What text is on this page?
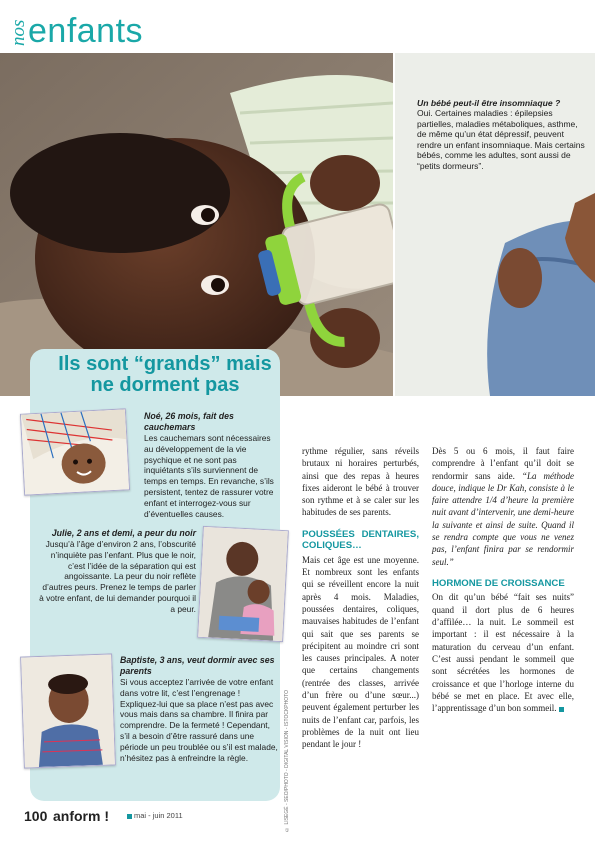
nos enfants
Un bébé peut-il être insomniaque ?
Oui. Certaines maladies : épilepsies partielles, maladies métaboliques, asthme, de même qu’un état dépressif, peuvent rendre un enfant insomniaque. Mais certains bébés, comme les adultes, sont aussi de “petits dormeurs”.
Ils sont “grands” mais ne dorment pas
Noé, 26 mois, fait des cauchemars
Les cauchemars sont nécessaires au développement de la vie psychique et ne sont pas inquiétants s’ils surviennent de temps en temps. En revanche, s’ils persistent, tentez de rassurer votre enfant et interrogez-vous sur d’éventuelles causes.
Julie, 2 ans et demi, a peur du noir
Jusqu’à l’âge d’environ 2 ans, l’obscurité n’inquiète pas l’enfant. Plus que le noir, c’est l’idée de la séparation qui est angoissante. La peur du noir reflète d’autres peurs. Prenez le temps de parler à votre enfant, de lui demander pourquoi il a peur.
Baptiste, 3 ans, veut dormir avec ses parents
Si vous acceptez l’arrivée de votre enfant dans votre lit, c’est l’engrenage ! Expliquez-lui que sa place n’est pas avec vous mais dans sa chambre. Il finira par comprendre. De la fermeté ! Cependant, s’il a besoin d’être rassuré dans une période un peu troublée ou s’il est malade, n’hésitez pas à enfreindre la règle.	© LISEGÉ - SEO/PHOTO - DIGITAL VISION - ISTOCKPHOTO
rythme régulier, sans réveils brutaux ni horaires perturbés, ainsi que des repas à heures fixes aideront le bébé à trouver son rythme et à se caler sur les habitudes de ses parents.
POUSSÉES DENTAIRES, COLIQUES…
Mais cet âge est une moyenne. Et nombreux sont les enfants qui se réveillent encore la nuit après 4 mois. Maladies, poussées dentaires, coliques, mauvaises habitudes de l’enfant qui sait que ses parents se précipitent au moindre cri sont les causes principales. A noter que certains changements (rentrée des classes, arrivée d’un frère ou d’une sœur...) peuvent également perturber les nuits de l’enfant car, parfois, les problèmes de la nuit ont lieu pendant le jour !
Dès 5 ou 6 mois, il faut faire comprendre à l’enfant qu’il doit se rendormir sans aide. “La méthode douce, indique le Dr Kah, consiste à le faire attendre 1/4 d’heure la première nuit avant d’intervenir, une demi-heure la suivante et ainsi de suite. Quand il se rendra compte que vous ne venez pas, l’enfant finira par se rendormir seul.”
HORMONE DE CROISSANCE
On dit qu’un bébé “fait ses nuits” quand il dort plus de 6 heures d’affilée… la nuit. Le sommeil est important : il est nécessaire à la maturation du cerveau d’un enfant. C’est aussi pendant le sommeil que sont sécrétées les hormones de croissance et que l’horloge interne du bébé se met en place. Et avec elle, l’apprentissage d’un bon sommeil.
100 anform !	mai - juin 2011
